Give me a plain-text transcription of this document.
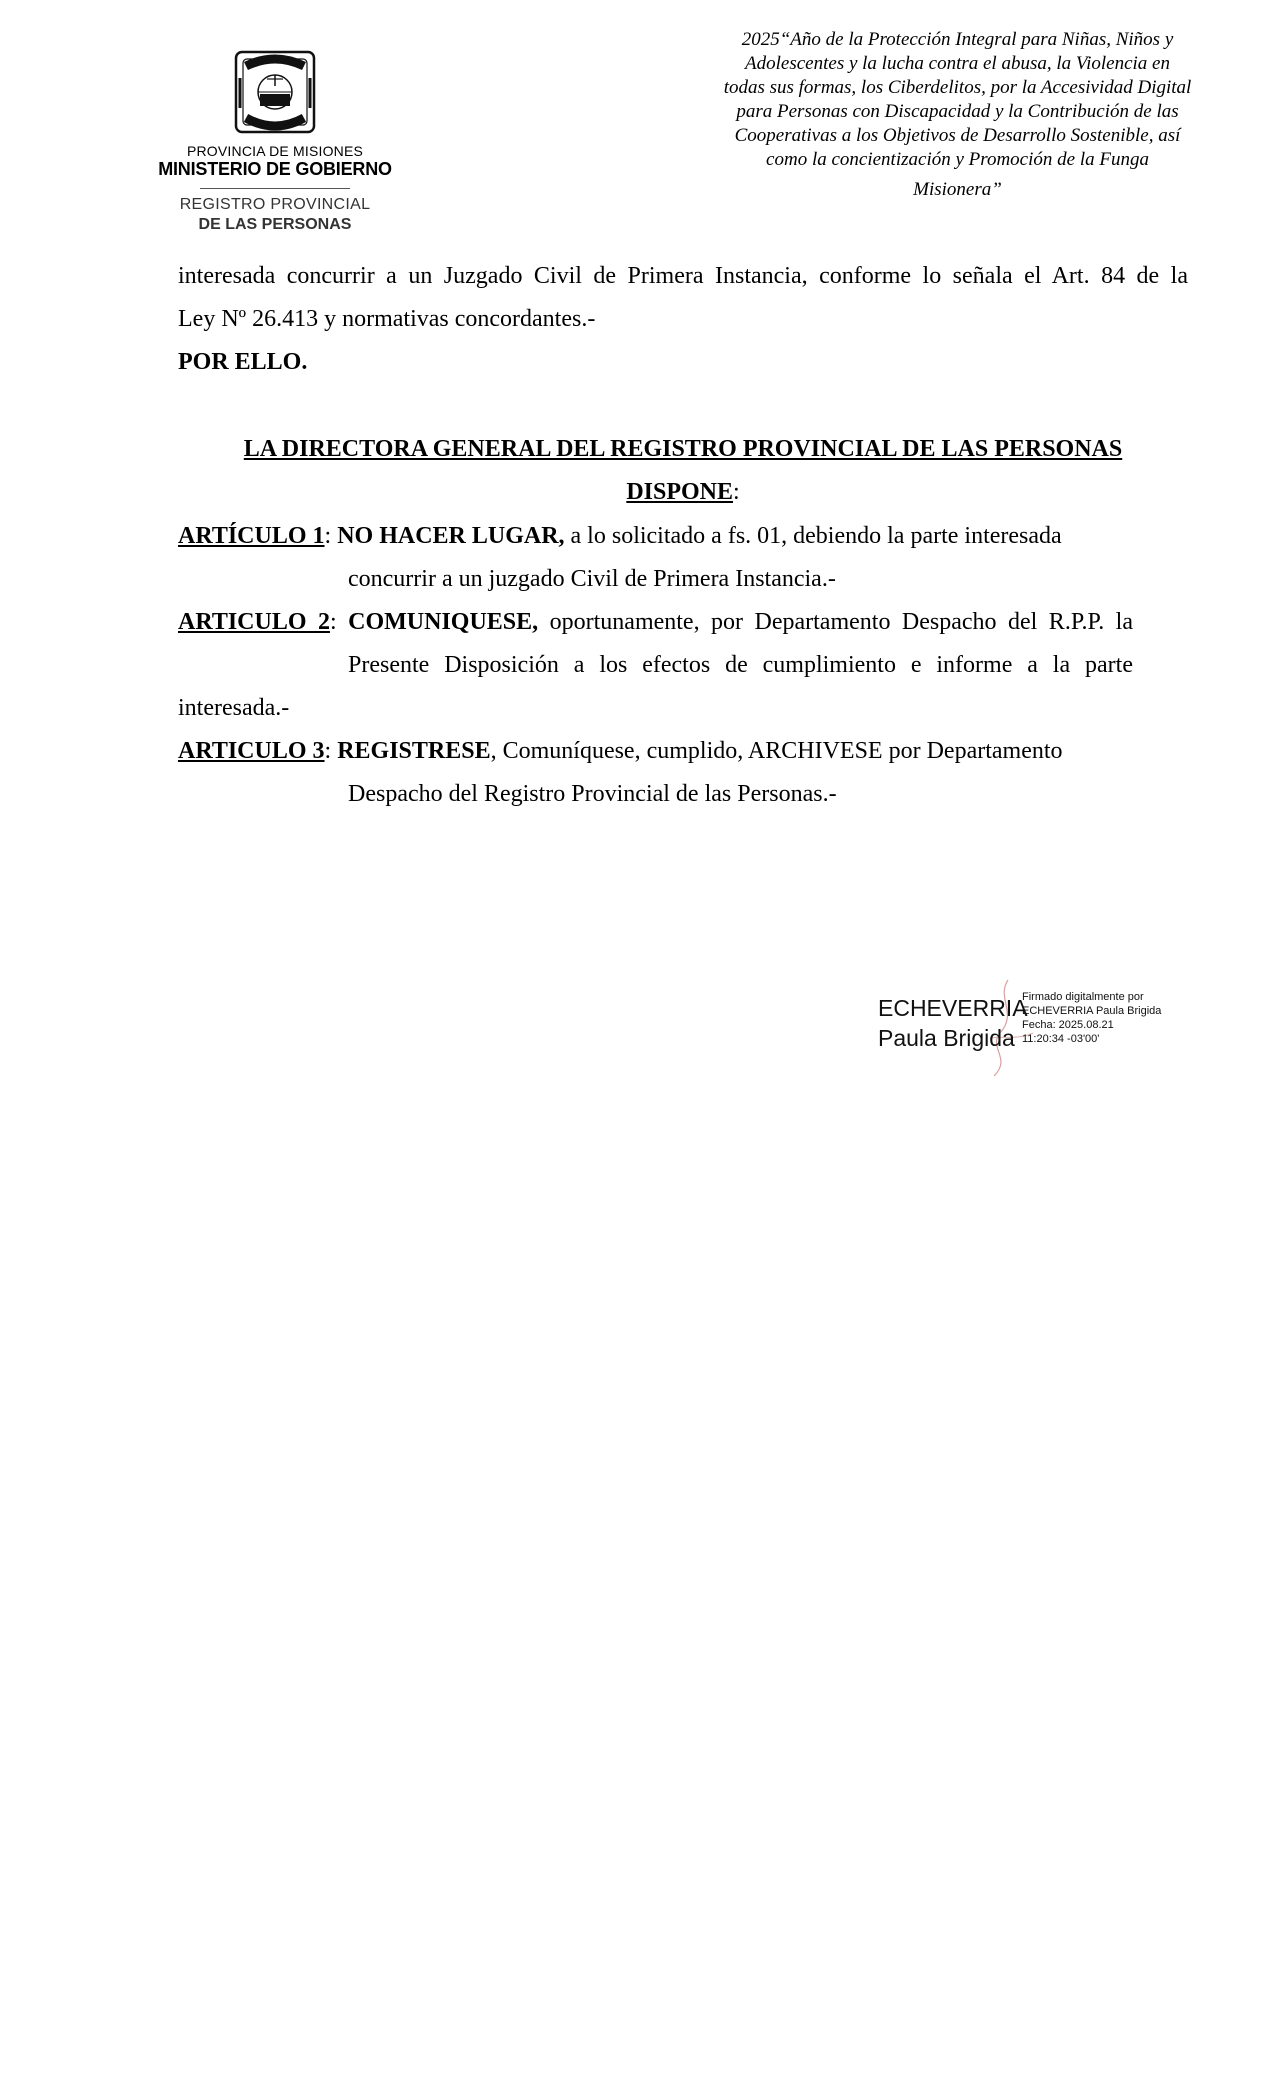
PROVINCIA DE MISIONES
MINISTERIO DE GOBIERNO
REGISTRO PROVINCIAL
DE LAS PERSONAS
2025“Año de la Protección Integral para Niñas, Niños y
Adolescentes y la lucha contra el abusa, la Violencia en
todas sus formas, los Ciberdelitos, por la Accesividad Digital
para Personas con Discapacidad y la Contribución de las
Cooperativas a los Objetivos de Desarrollo Sostenible, así
como la concientización y Promoción de la Funga
Misionera”
interesada concurrir a un Juzgado Civil de Primera Instancia, conforme lo señala el Art. 84 de la
Ley Nº 26.413 y normativas concordantes.-
POR ELLO.
LA DIRECTORA GENERAL DEL REGISTRO PROVINCIAL DE LAS PERSONAS
DISPONE:
ARTÍCULO 1: NO HACER LUGAR, a lo solicitado a fs. 01, debiendo la parte interesada
concurrir a un juzgado Civil de Primera Instancia.-
ARTICULO 2: COMUNIQUESE, oportunamente, por Departamento Despacho del R.P.P. la
Presente Disposición a los efectos de cumplimiento e informe a la parte
interesada.-
ARTICULO 3: REGISTRESE, Comuníquese, cumplido, ARCHIVESE por Departamento
Despacho del Registro Provincial de las Personas.-
ECHEVERRIA
Paula Brigida
Firmado digitalmente por
ECHEVERRIA Paula Brigida
Fecha: 2025.08.21
11:20:34 -03'00'
